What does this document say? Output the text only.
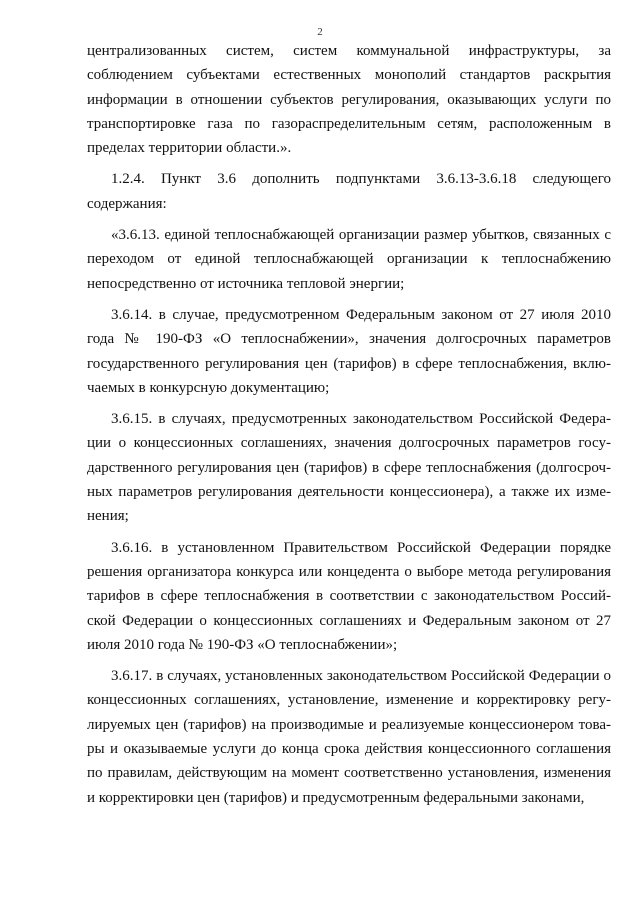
2

централизованных систем, систем коммунальной инфраструктуры, за соблюдением субъектами естественных монополий стандартов раскрытия информации в отношении субъектов регулирования, оказывающих услуги по транспортировке газа по газораспределительным сетям, расположенным в пределах территории области.».

1.2.4. Пункт 3.6 дополнить подпунктами 3.6.13-3.6.18 следующего содержания:

«3.6.13. единой теплоснабжающей организации размер убытков, связанных с переходом от единой теплоснабжающей организации к теплоснабжению непосредственно от источника тепловой энергии;

3.6.14. в случае, предусмотренном Федеральным законом от 27 июля 2010 года № 190-ФЗ «О теплоснабжении», значения долгосрочных параметров государственного регулирования цен (тарифов) в сфере теплоснабжения, включаемых в конкурсную документацию;

3.6.15. в случаях, предусмотренных законодательством Российской Федерации о концессионных соглашениях, значения долгосрочных параметров государственного регулирования цен (тарифов) в сфере теплоснабжения (долгосрочных параметров регулирования деятельности концессионера), а также их изменения;

3.6.16. в установленном Правительством Российской Федерации порядке решения организатора конкурса или концедента о выборе метода регулирования тарифов в сфере теплоснабжения в соответствии с законодательством Российской Федерации о концессионных соглашениях и Федеральным законом от 27 июля 2010 года № 190-ФЗ «О теплоснабжении»;

3.6.17. в случаях, установленных законодательством Российской Федерации о концессионных соглашениях, установление, изменение и корректировку регулируемых цен (тарифов) на производимые и реализуемые концессионером товары и оказываемые услуги до конца срока действия концессионного соглашения по правилам, действующим на момент соответственно установления, изменения и корректировки цен (тарифов) и предусмотренным федеральными законами,
